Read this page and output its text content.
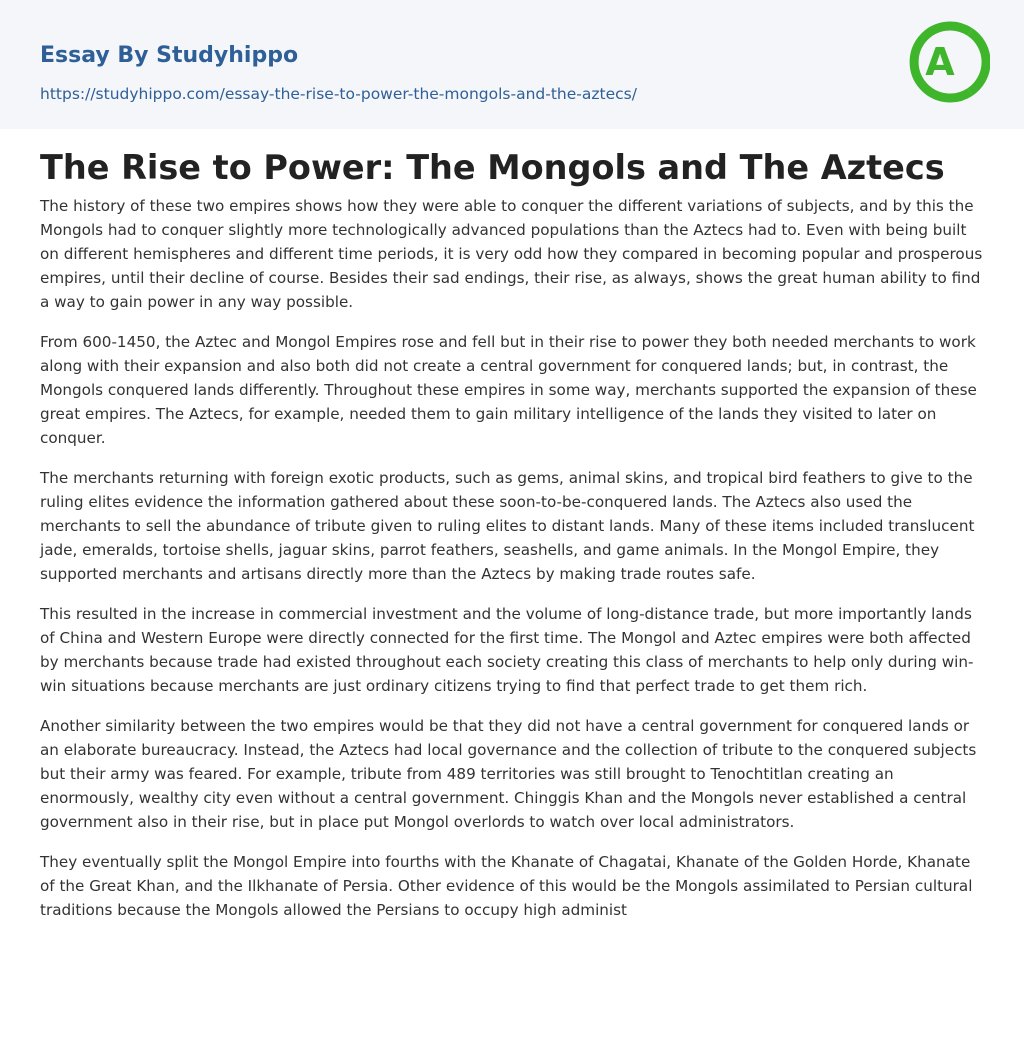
Essay By Studyhippo
https://studyhippo.com/essay-the-rise-to-power-the-mongols-and-the-aztecs/
A
The Rise to Power: The Mongols and The Aztecs

The history of these two empires shows how they were able to conquer the different variations of subjects, and by this the Mongols had to conquer slightly more technologically advanced populations than the Aztecs had to. Even with being built on different hemispheres and different time periods, it is very odd how they compared in becoming popular and prosperous empires, until their decline of course. Besides their sad endings, their rise, as always, shows the great human ability to find a way to gain power in any way possible.

From 600-1450, the Aztec and Mongol Empires rose and fell but in their rise to power they both needed merchants to work along with their expansion and also both did not create a central government for conquered lands; but, in contrast, the Mongols conquered lands differently. Throughout these empires in some way, merchants supported the expansion of these great empires. The Aztecs, for example, needed them to gain military intelligence of the lands they visited to later on conquer.

The merchants returning with foreign exotic products, such as gems, animal skins, and tropical bird feathers to give to the ruling elites evidence the information gathered about these soon-to-be-conquered lands. The Aztecs also used the merchants to sell the abundance of tribute given to ruling elites to distant lands. Many of these items included translucent jade, emeralds, tortoise shells, jaguar skins, parrot feathers, seashells, and game animals. In the Mongol Empire, they supported merchants and artisans directly more than the Aztecs by making trade routes safe.

This resulted in the increase in commercial investment and the volume of long-distance trade, but more importantly lands of China and Western Europe were directly connected for the first time. The Mongol and Aztec empires were both affected by merchants because trade had existed throughout each society creating this class of merchants to help only during win-win situations because merchants are just ordinary citizens trying to find that perfect trade to get them rich.

Another similarity between the two empires would be that they did not have a central government for conquered lands or an elaborate bureaucracy. Instead, the Aztecs had local governance and the collection of tribute to the conquered subjects but their army was feared. For example, tribute from 489 territories was still brought to Tenochtitlan creating an enormously, wealthy city even without a central government. Chinggis Khan and the Mongols never established a central government also in their rise, but in place put Mongol overlords to watch over local administrators.

They eventually split the Mongol Empire into fourths with the Khanate of Chagatai, Khanate of the Golden Horde, Khanate of the Great Khan, and the Ilkhanate of Persia. Other evidence of this would be the Mongols assimilated to Persian cultural traditions because the Mongols allowed the Persians to occupy high administ
